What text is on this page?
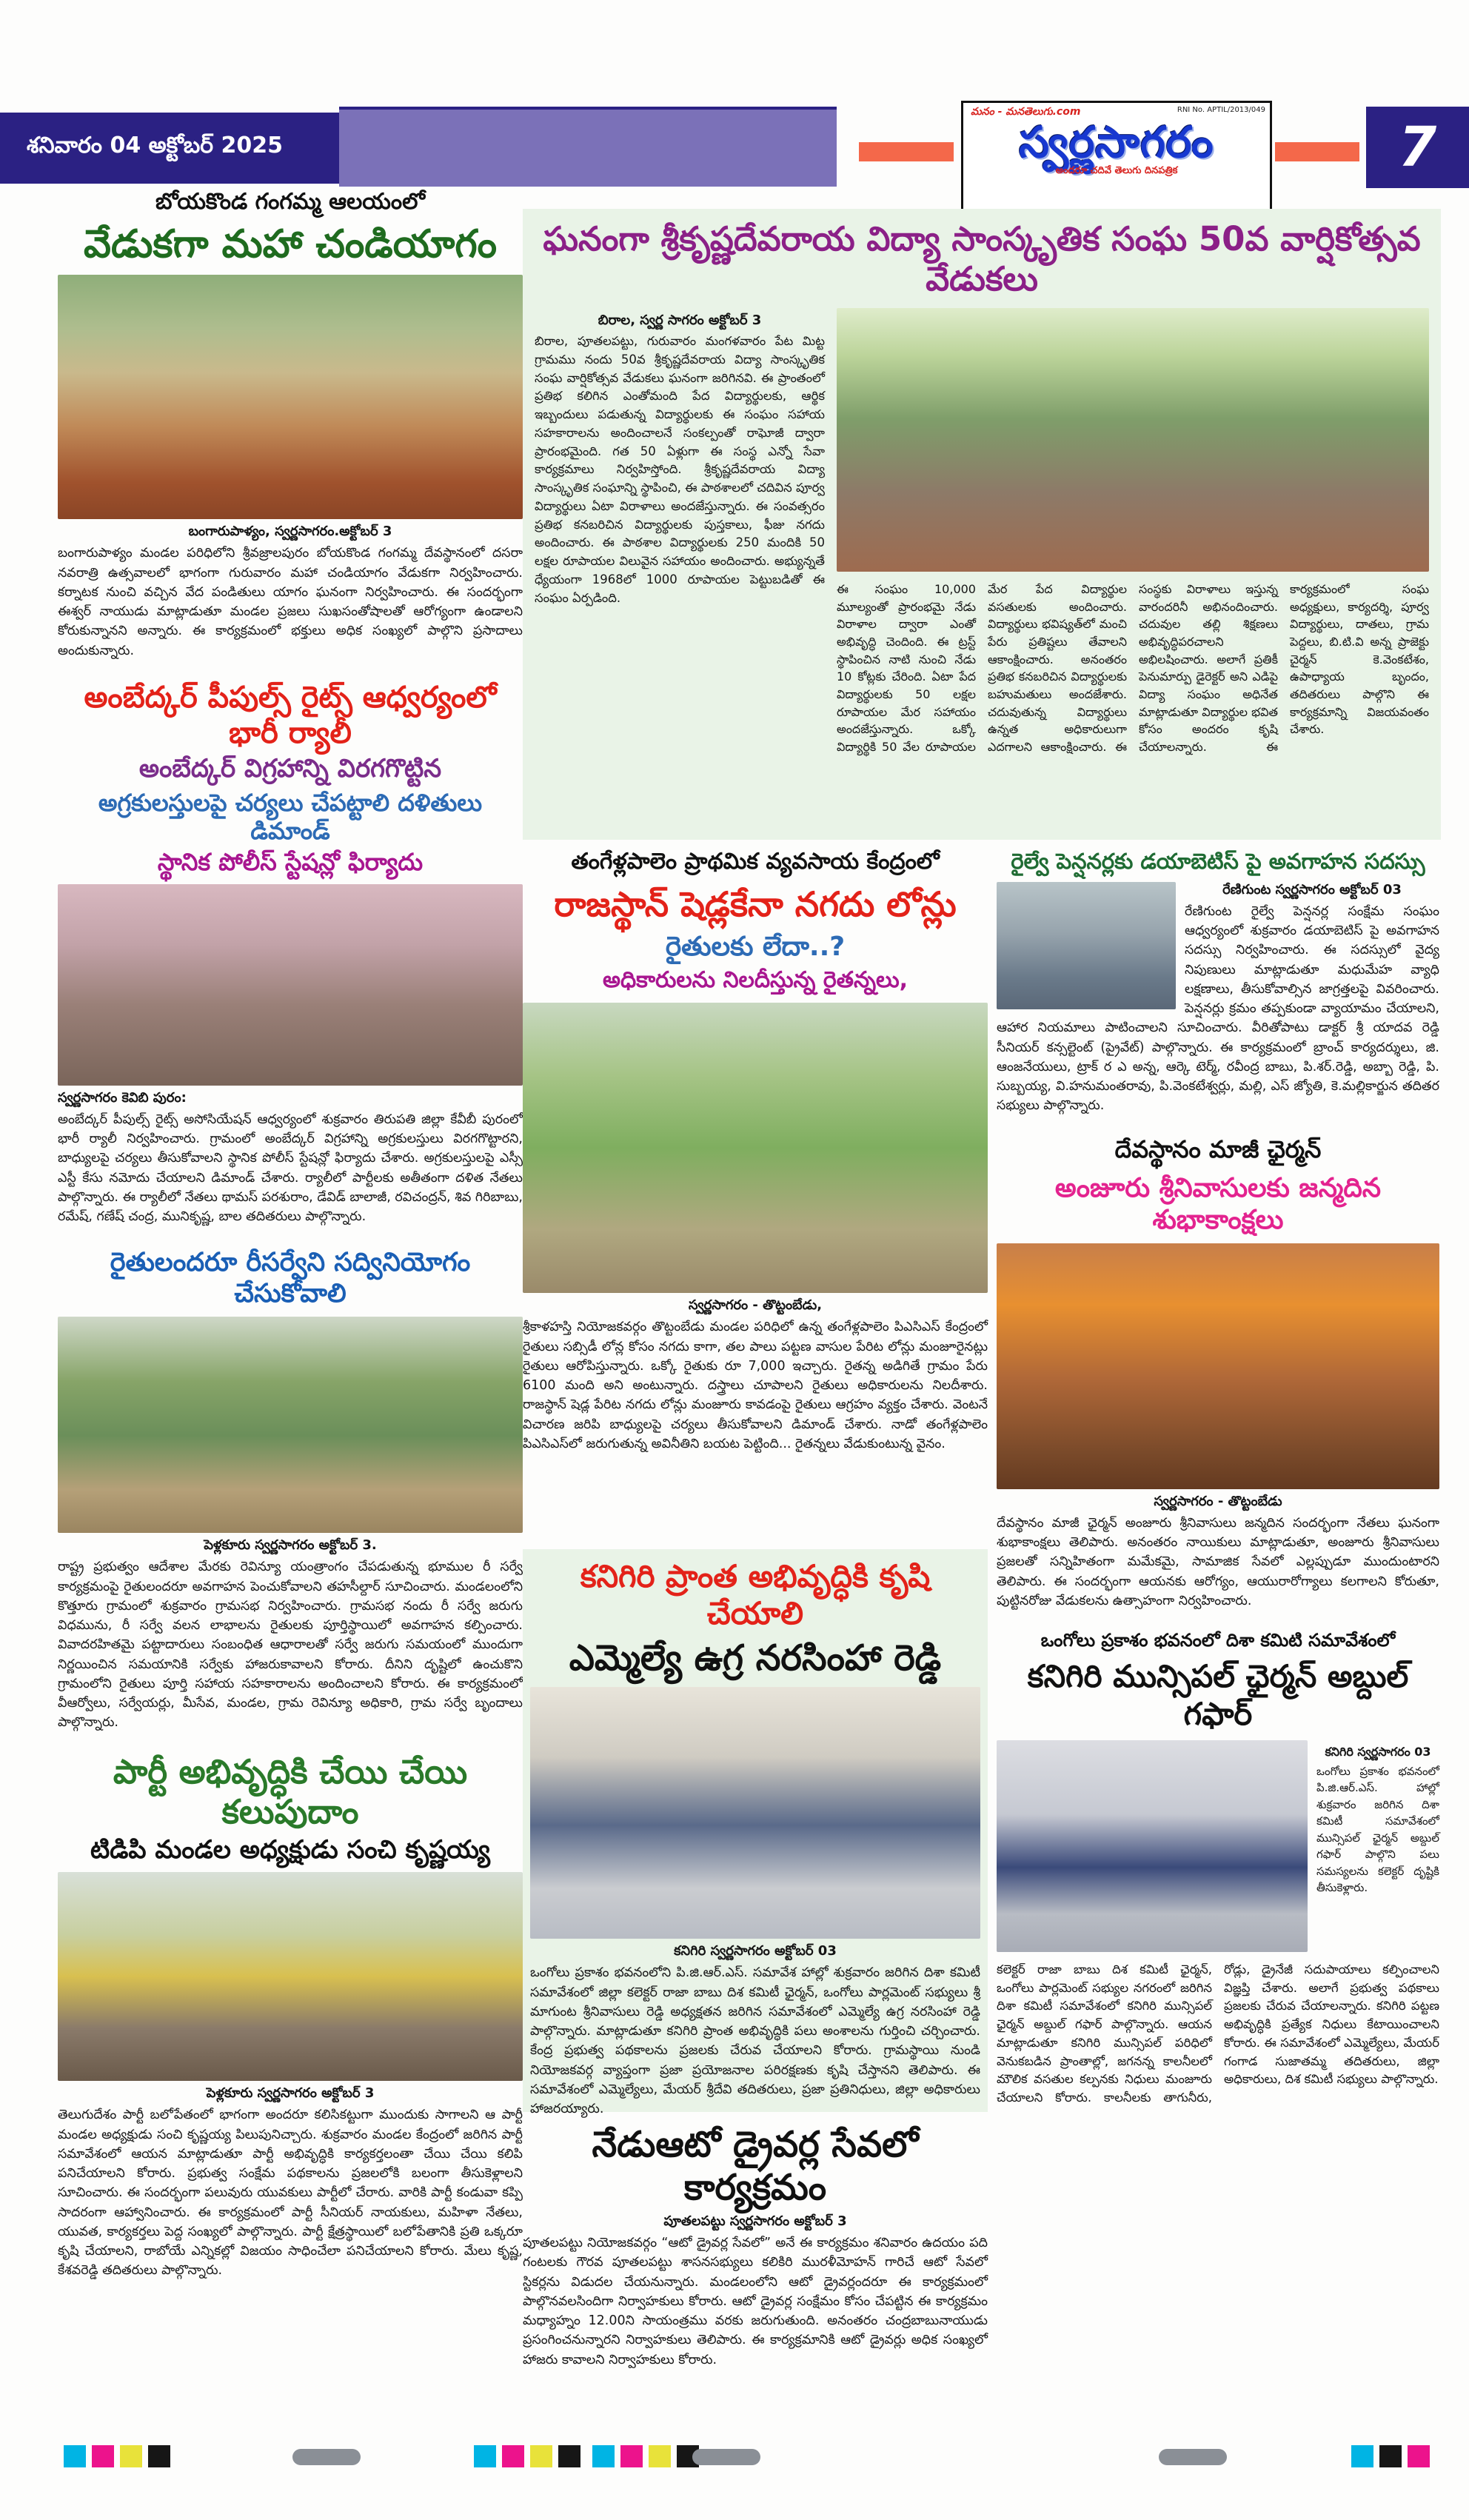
శనివారం 04 అక్టోబర్ 2025
మనం - మనతెలుగు.com	RNI No. APTIL/2013/049
స్వర్ణసాగరం
అందరూ చదివే తెలుగు దినపత్రిక	7
బోయకొండ గంగమ్మ ఆలయంలో
వేడుకగా మహా చండియాగం
బంగారుపాళ్యం, స్వర్ణసాగరం.అక్టోబర్ 3
బంగారుపాళ్యం మండల పరిధిలోని శ్రీవజ్రాలపురం బోయకొండ గంగమ్మ దేవస్థానంలో దసరా నవరాత్రి ఉత్సవాలలో భాగంగా గురువారం మహా చండియాగం వేడుకగా నిర్వహించారు. కర్నాటక నుంచి వచ్చిన వేద పండితులు యాగం ఘనంగా నిర్వహించారు. ఈ సందర్భంగా ఈశ్వర్ నాయుడు మాట్లాడుతూ మండల ప్రజలు సుఖసంతోషాలతో ఆరోగ్యంగా ఉండాలని కోరుకున్నానని అన్నారు. ఈ కార్యక్రమంలో భక్తులు అధిక సంఖ్యలో పాల్గొని ప్రసాదాలు అందుకున్నారు.
అంబేద్కర్ పీపుల్స్ రైట్స్ ఆధ్వర్యంలో భారీ ర్యాలీ
అంబేద్కర్ విగ్రహాన్ని విరగగొట్టిన
అగ్రకులస్తులపై చర్యలు చేపట్టాలి దళితులు డిమాండ్
స్థానిక పోలీస్ స్టేషన్లో ఫిర్యాదు
స్వర్ణసాగరం కెవిబి పురం:
అంబేద్కర్ పీపుల్స్ రైట్స్ అసోసియేషన్ ఆధ్వర్యంలో శుక్రవారం తిరుపతి జిల్లా కేవీబీ పురంలో భారీ ర్యాలీ నిర్వహించారు. గ్రామంలో అంబేద్కర్ విగ్రహాన్ని అగ్రకులస్తులు విరగగొట్టారని, బాధ్యులపై చర్యలు తీసుకోవాలని స్థానిక పోలీస్ స్టేషన్లో ఫిర్యాదు చేశారు. అగ్రకులస్తులపై ఎస్సీ ఎస్టీ కేసు నమోదు చేయాలని డిమాండ్ చేశారు. ర్యాలీలో పార్టీలకు అతీతంగా దళిత నేతలు పాల్గొన్నారు. ఈ ర్యాలీలో నేతలు థామస్ పరశురాం, డేవిడ్ బాలాజీ, రవిచంద్రన్, శివ గిరిబాబు, రమేష్, గణేష్ చంద్ర, మునికృష్ణ, బాల తదితరులు పాల్గొన్నారు.
రైతులందరూ రీసర్వేని సద్వినియోగం చేసుకోవాలి
పెళ్లకూరు స్వర్ణసాగరం అక్టోబర్ 3.
రాష్ట్ర ప్రభుత్వం ఆదేశాల మేరకు రెవిన్యూ యంత్రాంగం చేపడుతున్న భూముల రీ సర్వే కార్యక్రమంపై రైతులందరూ అవగాహన పెంచుకోవాలని తహసీల్దార్ సూచించారు. మండలంలోని కొత్తూరు గ్రామంలో శుక్రవారం గ్రామసభ నిర్వహించారు. గ్రామసభ నందు రీ సర్వే జరుగు విధమును, రీ సర్వే వలన లాభాలను రైతులకు పూర్తిస్థాయిలో అవగాహన కల్పించారు. వివాదరహితమై పట్టాదారులు సంబంధిత ఆధారాలతో సర్వే జరుగు సమయంలో ముందుగా నిర్ణయించిన సమయానికి సర్వేకు హాజరుకావాలని కోరారు. దీనిని దృష్టిలో ఉంచుకొని గ్రామంలోని రైతులు పూర్తి సహాయ సహకారాలను అందించాలని కోరారు. ఈ కార్యక్రమంలో వీఆర్వోలు, సర్వేయర్లు, మీసేవ, మండల, గ్రామ రెవిన్యూ అధికారి, గ్రామ సర్వే బృందాలు పాల్గొన్నారు.
పార్టీ అభివృద్ధికి చేయి చేయి కలుపుదాం
టిడిపి మండల అధ్యక్షుడు సంచి కృష్ణయ్య
పెళ్లకూరు స్వర్ణసాగరం అక్టోబర్ 3
తెలుగుదేశం పార్టీ బలోపేతంలో భాగంగా అందరూ కలిసికట్టుగా ముందుకు సాగాలని ఆ పార్టీ మండల అధ్యక్షుడు సంచి కృష్ణయ్య పిలుపునిచ్చారు. శుక్రవారం మండల కేంద్రంలో జరిగిన పార్టీ సమావేశంలో ఆయన మాట్లాడుతూ పార్టీ అభివృద్ధికి కార్యకర్తలంతా చేయి చేయి కలిపి పనిచేయాలని కోరారు. ప్రభుత్వ సంక్షేమ పథకాలను ప్రజలలోకి బలంగా తీసుకెళ్లాలని సూచించారు. ఈ సందర్భంగా పలువురు యువకులు పార్టీలో చేరారు. వారికి పార్టీ కండువా కప్పి సాదరంగా ఆహ్వానించారు. ఈ కార్యక్రమంలో పార్టీ సీనియర్ నాయకులు, మహిళా నేతలు, యువత, కార్యకర్తలు పెద్ద సంఖ్యలో పాల్గొన్నారు. పార్టీ క్షేత్రస్థాయిలో బలోపేతానికి ప్రతి ఒక్కరూ కృషి చేయాలని, రాబోయే ఎన్నికల్లో విజయం సాధించేలా పనిచేయాలని కోరారు. మేలు కృష్ణ, కేశవరెడ్డి తదితరులు పాల్గొన్నారు.
ఘనంగా శ్రీకృష్ణదేవరాయ విద్యా సాంస్కృతిక సంఘ 50వ వార్షికోత్సవ వేడుకలు
బిరాల, స్వర్ణ సాగరం అక్టోబర్ 3
బిరాల, పూతలపట్టు, గురువారం మంగళవారం పేట మిట్ట గ్రామము నందు 50వ శ్రీకృష్ణదేవరాయ విద్యా సాంస్కృతిక సంఘ వార్షికోత్సవ వేడుకలు ఘనంగా జరిగినవి. ఈ ప్రాంతంలో ప్రతిభ కలిగిన ఎంతోమంది పేద విద్యార్థులకు, ఆర్థిక ఇబ్బందులు పడుతున్న విద్యార్థులకు ఈ సంఘం సహాయ సహకారాలను అందించాలనే సంకల్పంతో రాఘోజీ ద్వారా ప్రారంభమైంది. గత 50 ఏళ్లుగా ఈ సంస్థ ఎన్నో సేవా కార్యక్రమాలు నిర్వహిస్తోంది. శ్రీకృష్ణదేవరాయ విద్యా సాంస్కృతిక సంఘాన్ని స్థాపించి, ఈ పాఠశాలలో చదివిన పూర్వ విద్యార్థులు ఏటా విరాళాలు అందజేస్తున్నారు. ఈ సంవత్సరం ప్రతిభ కనబరిచిన విద్యార్థులకు పుస్తకాలు, ఫీజు నగదు అందించారు. ఈ పాఠశాల విద్యార్థులకు 250 మందికి 50 లక్షల రూపాయల విలువైన సహాయం అందించారు. అభ్యున్నతే ధ్యేయంగా 1968లో 1000 రూపాయల పెట్టుబడితో ఈ సంఘం ఏర్పడింది.
ఈ సంఘం 10,000 మూల్యంతో ప్రారంభమై నేడు విరాళాల ద్వారా ఎంతో అభివృద్ధి చెందింది. ఈ ట్రస్ట్ స్థాపించిన నాటి నుంచి నేడు 10 కోట్లకు చేరింది. ఏటా పేద విద్యార్థులకు 50 లక్షల రూపాయల మేర సహాయం అందజేస్తున్నారు. ఒక్కో విద్యార్థికి 50 వేల రూపాయల మేర పేద విద్యార్థుల వసతులకు అందించారు. విద్యార్థులు భవిష్యత్‌లో మంచి పేరు ప్రతిష్టలు తేవాలని ఆకాంక్షించారు. అనంతరం ప్రతిభ కనబరిచిన విద్యార్థులకు బహుమతులు అందజేశారు. చదువుతున్న విద్యార్థులు ఉన్నత అధికారులుగా ఎదగాలని ఆకాంక్షించారు. ఈ సంస్థకు విరాళాలు ఇస్తున్న వారందరినీ అభినందించారు. చదువుల తల్లి శిక్షణలు అభివృద్ధిపరచాలని అభిలషించారు. అలాగే ప్రతికీ పెనుమార్పు డైరెక్టర్ అని ఎడిపై విద్యా సంఘం అధినేత మాట్లాడుతూ విద్యార్థుల భవిత కోసం అందరం కృషి చేయాలన్నారు. ఈ కార్యక్రమంలో సంఘ అధ్యక్షులు, కార్యదర్శి, పూర్వ విద్యార్థులు, దాతలు, గ్రామ పెద్దలు, బి.టి.వి అన్న ప్రాజెక్టు చైర్మన్ కె.వెంకటేశం, ఉపాధ్యాయ బృందం, తదితరులు పాల్గొని ఈ కార్యక్రమాన్ని విజయవంతం చేశారు.
తంగేళ్లపాలెం ప్రాథమిక వ్యవసాయ కేంద్రంలో
రాజస్థాన్ షెడ్లకేనా నగదు లోన్లు
రైతులకు లేదా..?
అధికారులను నిలదీస్తున్న రైతన్నలు,
స్వర్ణసాగరం - తొట్టంబేడు,
శ్రీకాళహస్తి నియోజకవర్గం తొట్టంబేడు మండల పరిధిలో ఉన్న తంగేళ్లపాలెం పిఎసిఎస్ కేంద్రంలో రైతులు సబ్సిడీ లోన్ల కోసం నగదు కాగా, తల పాలు పట్టణ వాసుల పేరిట లోన్లు మంజూరైనట్లు రైతులు ఆరోపిస్తున్నారు. ఒక్కో రైతుకు రూ 7,000 ఇచ్చారు. రైతన్న అడిగితే గ్రామం పేరు 6100 మంది అని అంటున్నారు. దస్త్రాలు చూపాలని రైతులు అధికారులను నిలదీశారు. రాజస్థాన్ షెడ్ల పేరిట నగదు లోన్లు మంజూరు కావడంపై రైతులు ఆగ్రహం వ్యక్తం చేశారు. వెంటనే విచారణ జరిపి బాధ్యులపై చర్యలు తీసుకోవాలని డిమాండ్ చేశారు. నాడో తంగేళ్లపాలెం పిఎసిఎస్‌లో జరుగుతున్న అవినీతిని బయట పెట్టింది... రైతన్నలు వేడుకుంటున్న వైనం.
కనిగిరి ప్రాంత అభివృద్ధికి కృషి చేయాలి
ఎమ్మెల్యే ఉగ్ర నరసింహా రెడ్డి
కనిగిరి స్వర్ణసాగరం అక్టోబర్ 03
ఒంగోలు ప్రకాశం భవనంలోని పి.జి.ఆర్.ఎస్. సమావేశ హాల్లో శుక్రవారం జరిగిన దిశా కమిటీ సమావేశంలో జిల్లా కలెక్టర్ రాజా బాబు దిశ కమిటీ ఛైర్మన్, ఒంగోలు పార్లమెంట్ సభ్యులు శ్రీ మాగుంట శ్రీనివాసులు రెడ్డి అధ్యక్షతన జరిగిన సమావేశంలో ఎమ్మెల్యే ఉగ్ర నరసింహా రెడ్డి పాల్గొన్నారు. మాట్లాడుతూ కనిగిరి ప్రాంత అభివృద్ధికి పలు అంశాలను గుర్తించి చర్చించారు. కేంద్ర ప్రభుత్వ పథకాలను ప్రజలకు చేరువ చేయాలని కోరారు. గ్రామస్థాయి నుండి నియోజకవర్గ వ్యాప్తంగా ప్రజా ప్రయోజనాల పరిరక్షణకు కృషి చేస్తానని తెలిపారు. ఈ సమావేశంలో ఎమ్మెల్యేలు, మేయర్ శ్రీదేవి తదితరులు, ప్రజా ప్రతినిధులు, జిల్లా అధికారులు హాజరయ్యారు.
నేడుఆటో డ్రైవర్ల సేవలో కార్యక్రమం
పూతలపట్టు స్వర్ణసాగరం అక్టోబర్ 3
పూతలపట్టు నియోజకవర్గం “ఆటో డ్రైవర్ల సేవలో” అనే ఈ కార్యక్రమం శనివారం ఉదయం పది గంటలకు గౌరవ పూతలపట్టు శాసనసభ్యులు కలికిరి మురళీమోహన్ గారిచే ఆటో సేవలో స్టికర్లను విడుదల చేయనున్నారు. మండలంలోని ఆటో డ్రైవర్లందరూ ఈ కార్యక్రమంలో పాల్గొనవలసిందిగా నిర్వాహకులు కోరారు. ఆటో డ్రైవర్ల సంక్షేమం కోసం చేపట్టిన ఈ కార్యక్రమం మధ్యాహ్నం 12.00ని సాయంత్రము వరకు జరుగుతుంది. అనంతరం చంద్రబాబునాయుడు ప్రసంగించనున్నారని నిర్వాహకులు తెలిపారు. ఈ కార్యక్రమానికి ఆటో డ్రైవర్లు అధిక సంఖ్యలో హాజరు కావాలని నిర్వాహకులు కోరారు.
రైల్వే పెన్షనర్లకు డయాబెటిస్ పై అవగాహన సదస్సు
రేణిగుంట స్వర్ణసాగరం అక్టోబర్ 03
రేణిగుంట రైల్వే పెన్షనర్ల సంక్షేమ సంఘం ఆధ్వర్యంలో శుక్రవారం డయాబెటిస్ పై అవగాహన సదస్సు నిర్వహించారు. ఈ సదస్సులో వైద్య నిపుణులు మాట్లాడుతూ మధుమేహ వ్యాధి లక్షణాలు, తీసుకోవాల్సిన జాగ్రత్తలపై వివరించారు. పెన్షనర్లు క్రమం తప్పకుండా వ్యాయామం చేయాలని, ఆహార నియమాలు పాటించాలని సూచించారు. వీరితోపాటు డాక్టర్ శ్రీ యాదవ రెడ్డి సీనియర్ కన్సల్టెంట్ (ప్రైవేట్) పాల్గొన్నారు. ఈ కార్యక్రమంలో బ్రాంచ్ కార్యదర్శులు, జి. ఆంజనేయులు, ట్రాక్ ర ఎ అన్న, ఆర్కె టెర్మ్, రవీంద్ర బాబు, పి.శర్.రెడ్డి, అబ్బా రెడ్డి, పి. సుబ్బయ్య, వి.హనుమంతరావు, పి.వెంకటేశ్వర్లు, మల్లి, ఎస్ జ్యోతి, కె.మల్లికార్జున తదితర సభ్యులు పాల్గొన్నారు.
దేవస్థానం మాజీ ఛైర్మన్
అంజూరు శ్రీనివాసులకు జన్మదిన శుభాకాంక్షలు
స్వర్ణసాగరం - తొట్టంబేడు
దేవస్థానం మాజీ ఛైర్మన్ అంజూరు శ్రీనివాసులు జన్మదిన సందర్భంగా నేతలు ఘనంగా శుభాకాంక్షలు తెలిపారు. అనంతరం నాయికులు మాట్లాడుతూ, అంజూరు శ్రీనివాసులు ప్రజలతో సన్నిహితంగా మమేకమై, సామాజిక సేవలో ఎల్లప్పుడూ ముందుంటారని తెలిపారు. ఈ సందర్భంగా ఆయనకు ఆరోగ్యం, ఆయురారోగ్యాలు కలగాలని కోరుతూ, పుట్టినరోజు వేడుకలను ఉత్సాహంగా నిర్వహించారు.
ఒంగోలు ప్రకాశం భవనంలో దిశా కమిటి సమావేశంలో
కనిగిరి మున్సిపల్ ఛైర్మన్ అబ్దుల్ గఫార్
కనిగిరి స్వర్ణసాగరం 03
ఒంగోలు ప్రకాశం భవనంలో పి.జి.ఆర్.ఎస్. హాల్లో శుక్రవారం జరిగిన దిశా కమిటీ సమావేశంలో మున్సిపల్ ఛైర్మన్ అబ్దుల్ గఫార్ పాల్గొని పలు సమస్యలను కలెక్టర్ దృష్టికి తీసుకెళ్లారు.
కలెక్టర్ రాజా బాబు దిశ కమిటీ ఛైర్మన్, ఒంగోలు పార్లమెంట్ సభ్యుల నగరంలో జరిగిన దిశా కమిటీ సమావేశంలో కనిగిరి మున్సిపల్ ఛైర్మన్ అబ్దుల్ గఫార్ పాల్గొన్నారు. ఆయన మాట్లాడుతూ కనిగిరి మున్సిపల్ పరిధిలో వెనుకబడిన ప్రాంతాల్లో, జగనన్న కాలనీలలో మౌలిక వసతుల కల్పనకు నిధులు మంజూరు చేయాలని కోరారు. కాలనీలకు తాగునీరు, రోడ్లు, డ్రైనేజీ సదుపాయాలు కల్పించాలని విజ్ఞప్తి చేశారు. అలాగే ప్రభుత్వ పథకాలు ప్రజలకు చేరువ చేయాలన్నారు. కనిగిరి పట్టణ అభివృద్ధికి ప్రత్యేక నిధులు కేటాయించాలని కోరారు. ఈ సమావేశంలో ఎమ్మెల్యేలు, మేయర్ గంగాడ సుజాతమ్మ తదితరులు, జిల్లా అధికారులు, దిశ కమిటీ సభ్యులు పాల్గొన్నారు.
